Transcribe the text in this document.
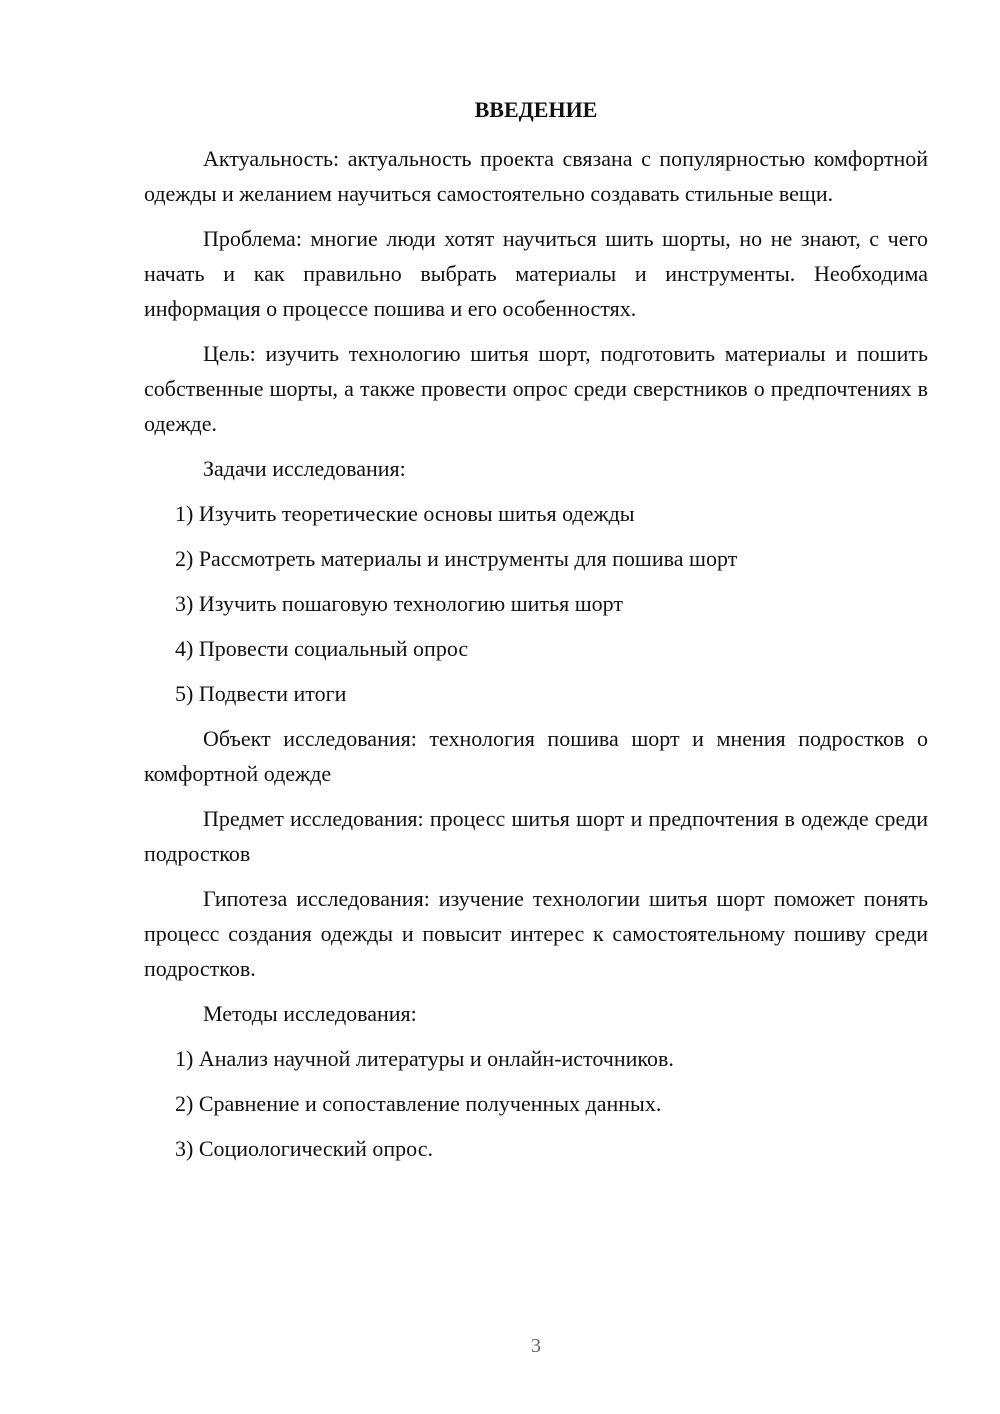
ВВЕДЕНИЕ

Актуальность: актуальность проекта связана с популярностью комфортной одежды и желанием научиться самостоятельно создавать стильные вещи.

Проблема: многие люди хотят научиться шить шорты, но не знают, с чего начать и как правильно выбрать материалы и инструменты. Необходима информация о процессе пошива и его особенностях.

Цель: изучить технологию шитья шорт, подготовить материалы и пошить собственные шорты, а также провести опрос среди сверстников о предпочтениях в одежде.

Задачи исследования:

1) Изучить теоретические основы шитья одежды

2) Рассмотреть материалы и инструменты для пошива шорт

3) Изучить пошаговую технологию шитья шорт

4) Провести социальный опрос

5) Подвести итоги

Объект исследования: технология пошива шорт и мнения подростков о комфортной одежде

Предмет исследования: процесс шитья шорт и предпочтения в одежде среди подростков

Гипотеза исследования: изучение технологии шитья шорт поможет понять процесс создания одежды и повысит интерес к самостоятельному пошиву среди подростков.

Методы исследования:

1) Анализ научной литературы и онлайн-источников.

2) Сравнение и сопоставление полученных данных.

3) Социологический опрос.

3
